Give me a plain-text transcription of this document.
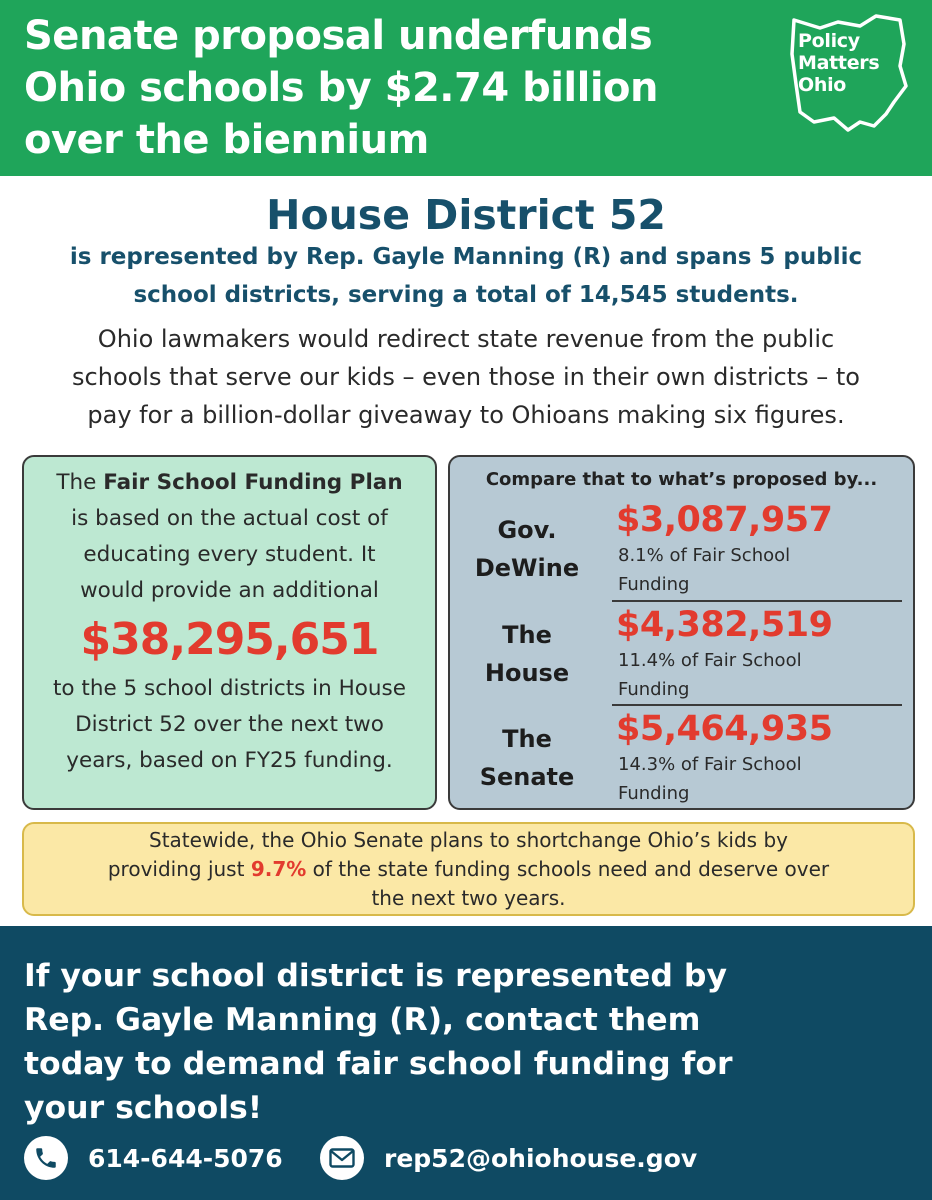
Senate proposal underfunds
Ohio schools by $2.74 billion
over the biennium
Policy
Matters
Ohio
House District 52
is represented by Rep. Gayle Manning (R) and spans 5 public
school districts, serving a total of 14,545 students.
Ohio lawmakers would redirect state revenue from the public
schools that serve our kids – even those in their own districts – to
pay for a billion-dollar giveaway to Ohioans making six figures.
The Fair School Funding Plan
is based on the actual cost of
educating every student. It
would provide an additional
$38,295,651
to the 5 school districts in House
District 52 over the next two
years, based on FY25 funding.
Compare that to what’s proposed by...
Gov.
DeWine
$3,087,957
8.1% of Fair School
Funding
The
House
$4,382,519
11.4% of Fair School
Funding
The
Senate
$5,464,935
14.3% of Fair School
Funding
Statewide, the Ohio Senate plans to shortchange Ohio’s kids by
providing just 9.7% of the state funding schools need and deserve over
the next two years.
If your school district is represented by
Rep. Gayle Manning (R), contact them
today to demand fair school funding for
your schools!
614-644-5076	rep52@ohiohouse.gov
